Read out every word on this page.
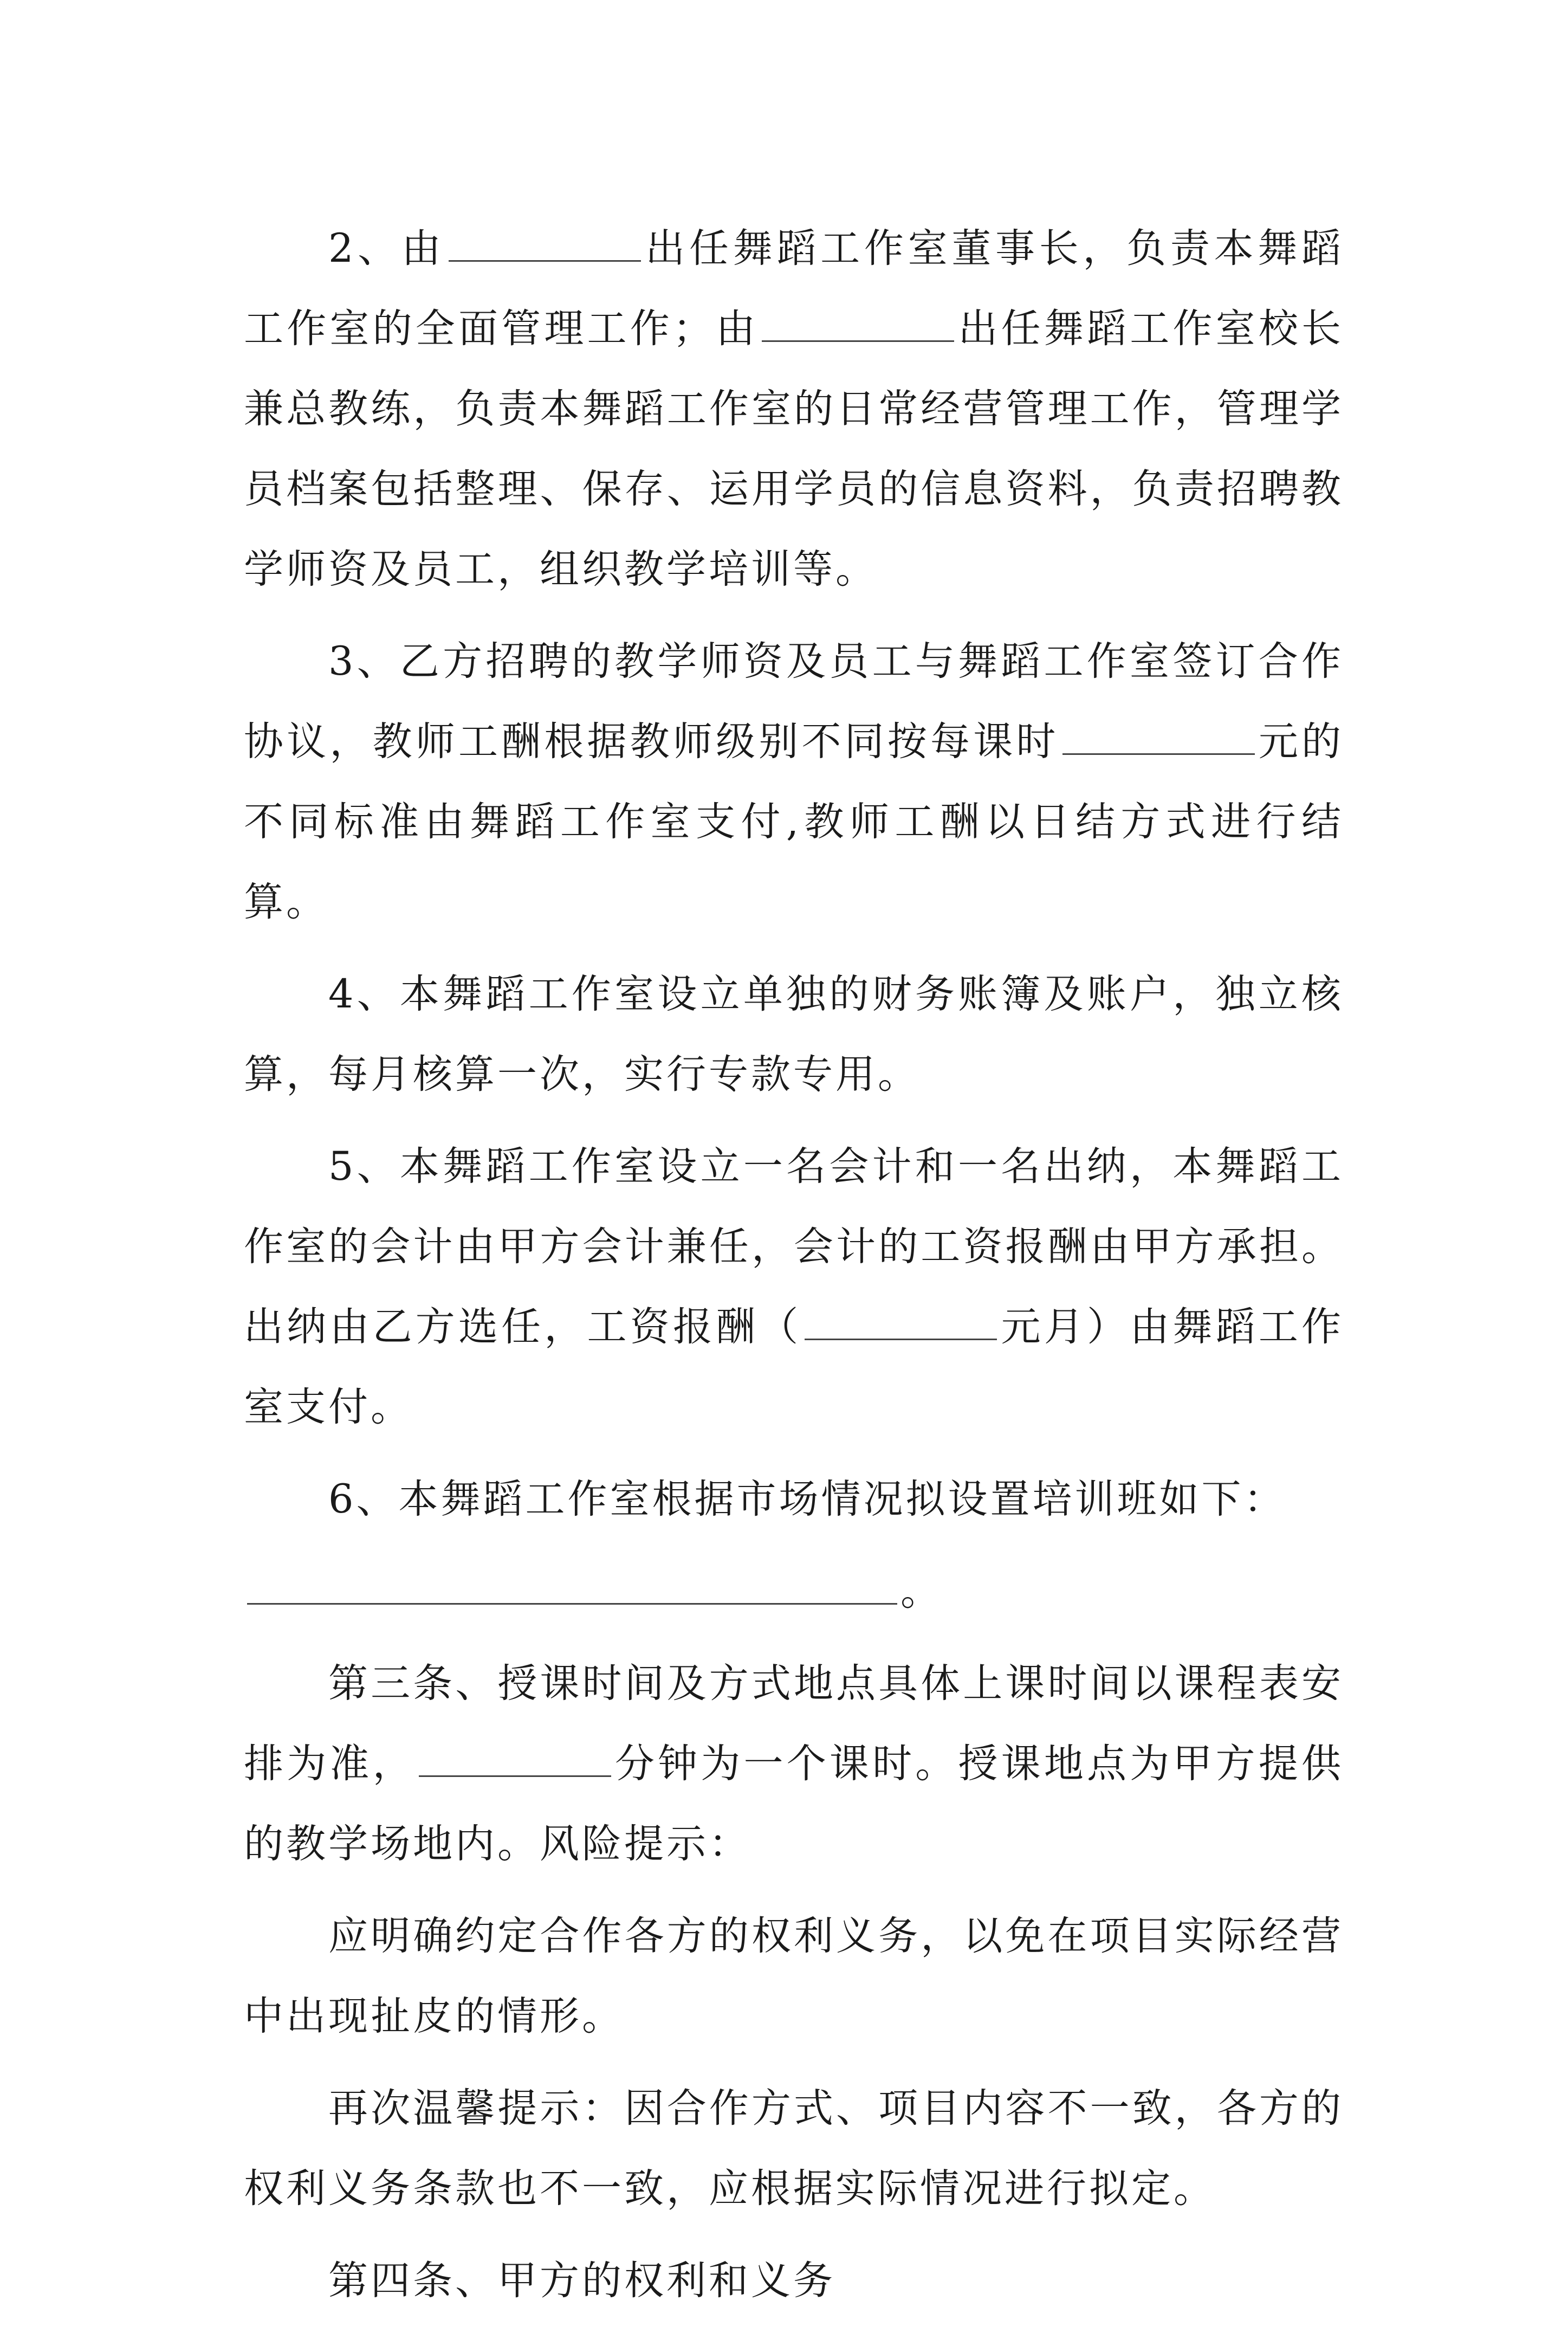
2、由	出任舞蹈工作室董事长，负责本舞蹈工作室的全面管理工作；由	出任舞蹈工作室校长兼总教练，负责本舞蹈工作室的日常经营管理工作，管理学员档案包括整理、保存、运用学员的信息资料，负责招聘教学师资及员工，组织教学培训等。

3、乙方招聘的教学师资及员工与舞蹈工作室签订合作协议，教师工酬根据教师级别不同按每课时	元的不同标准由舞蹈工作室支付,教师工酬以日结方式进行结算。

4、本舞蹈工作室设立单独的财务账簿及账户，独立核算，每月核算一次，实行专款专用。

5、本舞蹈工作室设立一名会计和一名出纳，本舞蹈工作室的会计由甲方会计兼任，会计的工资报酬由甲方承担。出纳由乙方选任，工资报酬（	元月）由舞蹈工作室支付。

6、本舞蹈工作室根据市场情况拟设置培训班如下：

。

第三条、授课时间及方式地点具体上课时间以课程表安排为准，	分钟为一个课时。授课地点为甲方提供的教学场地内。风险提示：

应明确约定合作各方的权利义务，以免在项目实际经营中出现扯皮的情形。

再次温馨提示：因合作方式、项目内容不一致，各方的权利义务条款也不一致，应根据实际情况进行拟定。

第四条、甲方的权利和义务
